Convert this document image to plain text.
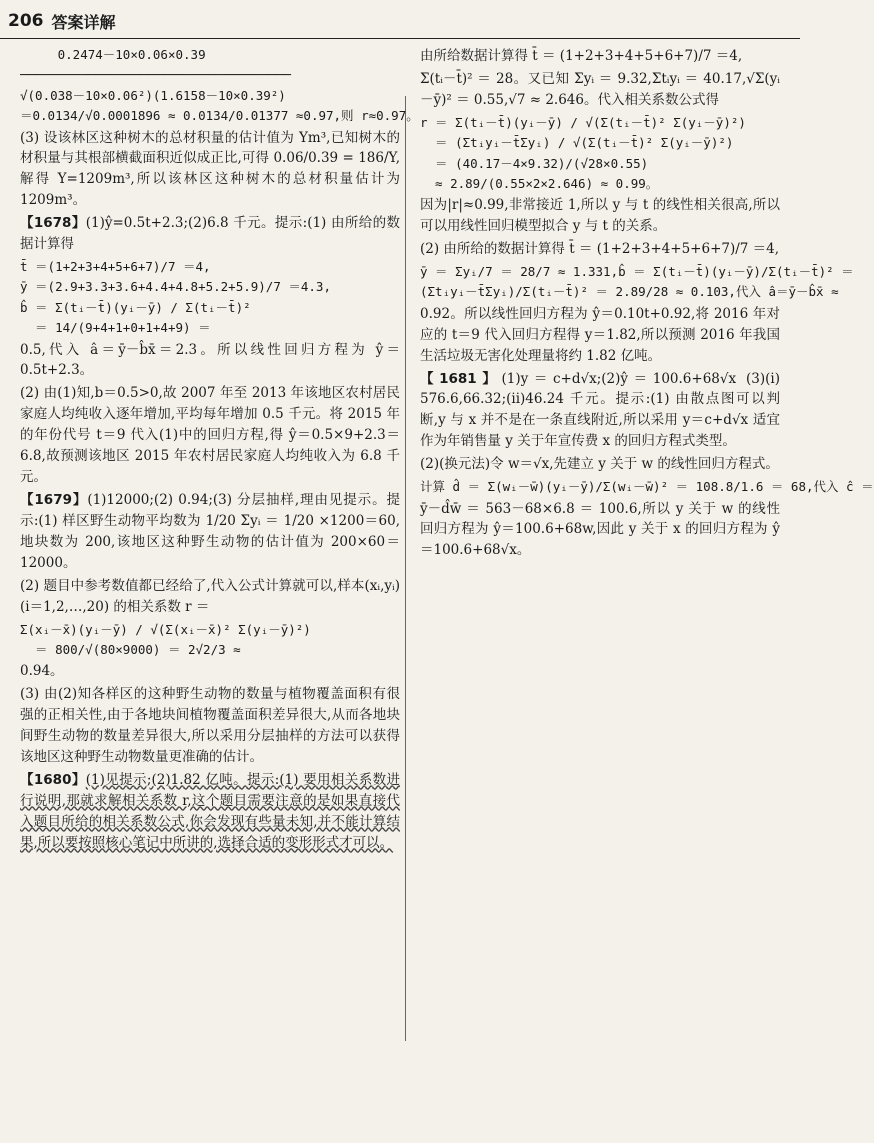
206 答案详解
0.2474－10×0.06×0.39
────────────────────────────────────
√(0.038－10×0.06²)(1.6158－10×0.39²)
＝0.0134/√0.0001896 ≈ 0.0134/0.01377 ≈0.97,则 r≈0.97。
(3) 设该林区这种树木的总材积量的估计值为 Ym³,已知树木的材积量与其根部横截面积近似成正比,可得 0.06/0.39 = 186/Y,解得 Y=1209m³,所以该林区这种树木的总材积量估计为 1209m³。
【1678】(1)ŷ=0.5t+2.3;(2)6.8 千元。提示:(1) 由所给的数据计算得
t̄ ＝(1+2+3+4+5+6+7)/7 ＝4,
ȳ ＝(2.9+3.3+3.6+4.4+4.8+5.2+5.9)/7 ＝4.3,
b̂ ＝ Σ(tᵢ－t̄)(yᵢ－ȳ) / Σ(tᵢ－t̄)²
＝ 14/(9+4+1+0+1+4+9) ＝
0.5,代入 â＝ȳ－b̂x̄＝2.3。所以线性回归方程为 ŷ＝0.5t+2.3。
(2) 由(1)知,b＝0.5>0,故 2007 年至 2013 年该地区农村居民家庭人均纯收入逐年增加,平均每年增加 0.5 千元。将 2015 年的年份代号 t＝9 代入(1)中的回归方程,得 ŷ＝0.5×9+2.3＝6.8,故预测该地区 2015 年农村居民家庭人均纯收入为 6.8 千元。
【1679】(1)12000;(2) 0.94;(3) 分层抽样,理由见提示。提示:(1) 样区野生动物平均数为 1/20 Σyᵢ ＝ 1/20 ×1200＝60,地块数为 200,该地区这种野生动物的估计值为 200×60＝12000。
(2) 题目中参考数值都已经给了,代入公式计算就可以,样本(xᵢ,yᵢ)(i＝1,2,…,20) 的相关系数 r ＝
Σ(xᵢ－x̄)(yᵢ－ȳ) / √(Σ(xᵢ－x̄)² Σ(yᵢ－ȳ)²)
＝ 800/√(80×9000) ＝ 2√2/3 ≈
0.94。
(3) 由(2)知各样区的这种野生动物的数量与植物覆盖面积有很强的正相关性,由于各地块间植物覆盖面积差异很大,从而各地块间野生动物的数量差异很大,所以采用分层抽样的方法可以获得该地区这种野生动物数量更准确的估计。
【1680】(1)见提示;(2)1.82 亿吨。提示:(1) 要用相关系数进行说明,那就求解相关系数 r,这个题目需要注意的是如果直接代入题目所给的相关系数公式,你会发现有些量未知,并不能计算结果,所以要按照核心笔记中所讲的,选择合适的变形形式才可以。
由所给数据计算得 t̄ ＝ (1+2+3+4+5+6+7)/7 ＝4,
Σ(tᵢ－t̄)² ＝ 28。又已知 Σyᵢ ＝ 9.32,Σtᵢyᵢ ＝ 40.17,√Σ(yᵢ－ȳ)² ＝ 0.55,√7 ≈ 2.646。代入相关系数公式得
r ＝ Σ(tᵢ－t̄)(yᵢ－ȳ) / √(Σ(tᵢ－t̄)² Σ(yᵢ－ȳ)²)
＝ (Σtᵢyᵢ－t̄Σyᵢ) / √(Σ(tᵢ－t̄)² Σ(yᵢ－ȳ)²)
＝ (40.17－4×9.32)/(√28×0.55)
≈ 2.89/(0.55×2×2.646) ≈ 0.99。
因为|r|≈0.99,非常接近 1,所以 y 与 t 的线性相关很高,所以可以用线性回归模型拟合 y 与 t 的关系。
(2) 由所给的数据计算得 t̄ ＝ (1+2+3+4+5+6+7)/7 ＝4,
ȳ ＝ Σyᵢ/7 ＝ 28/7 ≈ 1.331,b̂ ＝ Σ(tᵢ－t̄)(yᵢ－ȳ)/Σ(tᵢ－t̄)² ＝
(Σtᵢyᵢ－t̄Σyᵢ)/Σ(tᵢ－t̄)² ＝ 2.89/28 ≈ 0.103,代入 â＝ȳ－b̂x̄ ≈
0.92。所以线性回归方程为 ŷ＝0.10t+0.92,将 2016 年对应的 t＝9 代入回归方程得 y＝1.82,所以预测 2016 年我国生活垃圾无害化处理量将约 1.82 亿吨。
【1681】(1)y＝c+d√x;(2)ŷ＝100.6+68√x (3)(i) 576.6,66.32;(ii)46.24 千元。提示:(1) 由散点图可以判断,y 与 x 并不是在一条直线附近,所以采用 y＝c+d√x 适宜作为年销售量 y 关于年宣传费 x 的回归方程式类型。
(2)(换元法)令 w＝√x,先建立 y 关于 w 的线性回归方程式。
计算 d̂ ＝ Σ(wᵢ－w̄)(yᵢ－ȳ)/Σ(wᵢ－w̄)² ＝ 108.8/1.6 ＝ 68,代入 ĉ ＝
ȳ－d̂w̄ ＝ 563－68×6.8 ＝ 100.6,所以 y 关于 w 的线性回归方程为 ŷ＝100.6+68w,因此 y 关于 x 的回归方程为 ŷ＝100.6+68√x。
